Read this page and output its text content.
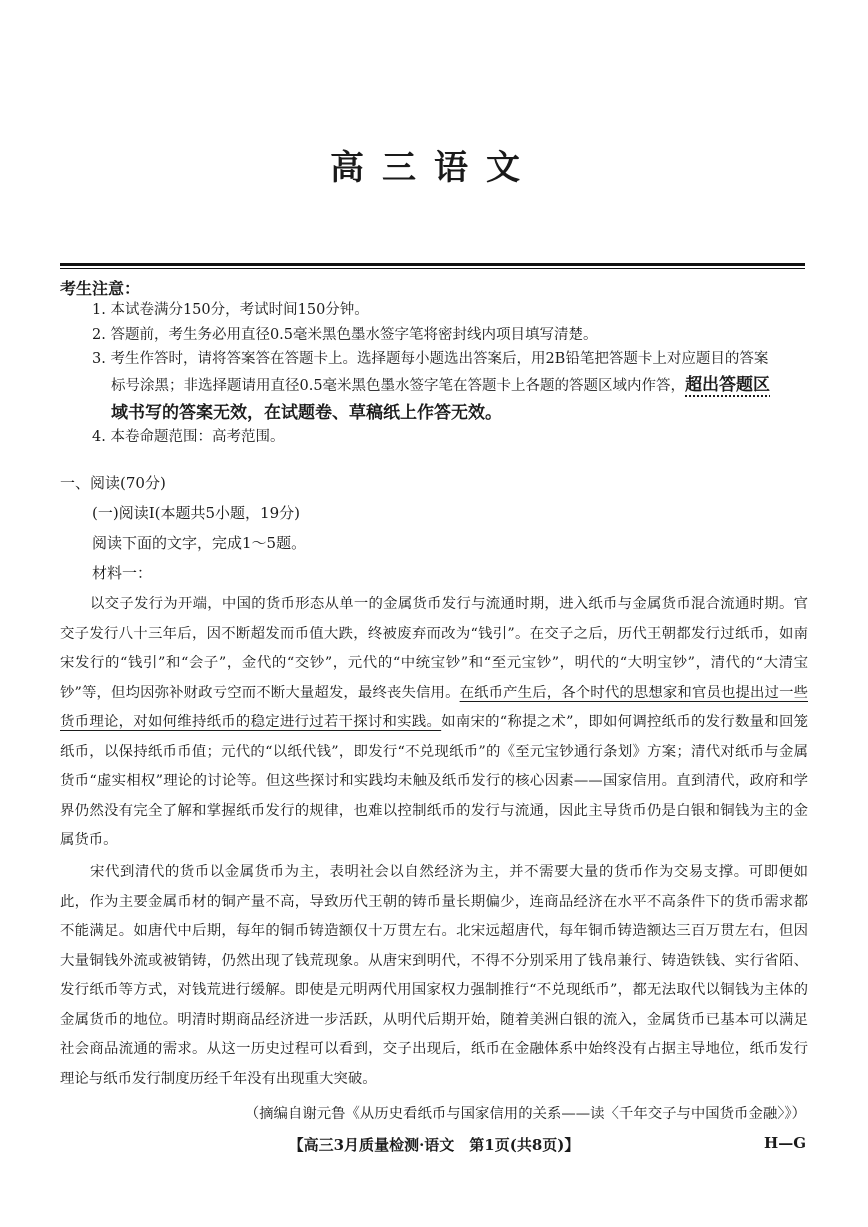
高三语文
考生注意：
1. 本试卷满分150分，考试时间150分钟。
2. 答题前，考生务必用直径0.5毫米黑色墨水签字笔将密封线内项目填写清楚。
3. 考生作答时，请将答案答在答题卡上。选择题每小题选出答案后，用2B铅笔把答题卡上对应题目的答案
标号涂黑；非选择题请用直径0.5毫米黑色墨水签字笔在答题卡上各题的答题区域内作答，超出答题区
域书写的答案无效，在试题卷、草稿纸上作答无效。
4. 本卷命题范围：高考范围。
一、阅读(70分)
(一)阅读Ⅰ(本题共5小题，19分)
阅读下面的文字，完成1～5题。
材料一：
以交子发行为开端，中国的货币形态从单一的金属货币发行与流通时期，进入纸币与金属货币混合流通时期。官交子发行八十三年后，因不断超发而币值大跌，终被废弃而改为“钱引”。在交子之后，历代王朝都发行过纸币，如南宋发行的“钱引”和“会子”，金代的“交钞”，元代的“中统宝钞”和“至元宝钞”，明代的“大明宝钞”，清代的“大清宝钞”等，但均因弥补财政亏空而不断大量超发，最终丧失信用。在纸币产生后，各个时代的思想家和官员也提出过一些货币理论，对如何维持纸币的稳定进行过若干探讨和实践。如南宋的“称提之术”，即如何调控纸币的发行数量和回笼纸币，以保持纸币币值；元代的“以纸代钱”，即发行“不兑现纸币”的《至元宝钞通行条划》方案；清代对纸币与金属货币“虚实相权”理论的讨论等。但这些探讨和实践均未触及纸币发行的核心因素——国家信用。直到清代，政府和学界仍然没有完全了解和掌握纸币发行的规律，也难以控制纸币的发行与流通，因此主导货币仍是白银和铜钱为主的金属货币。
宋代到清代的货币以金属货币为主，表明社会以自然经济为主，并不需要大量的货币作为交易支撑。可即便如此，作为主要金属币材的铜产量不高，导致历代王朝的铸币量长期偏少，连商品经济在水平不高条件下的货币需求都不能满足。如唐代中后期，每年的铜币铸造额仅十万贯左右。北宋远超唐代，每年铜币铸造额达三百万贯左右，但因大量铜钱外流或被销铸，仍然出现了钱荒现象。从唐宋到明代，不得不分别采用了钱帛兼行、铸造铁钱、实行省陌、发行纸币等方式，对钱荒进行缓解。即使是元明两代用国家权力强制推行“不兑现纸币”，都无法取代以铜钱为主体的金属货币的地位。明清时期商品经济进一步活跃，从明代后期开始，随着美洲白银的流入，金属货币已基本可以满足社会商品流通的需求。从这一历史过程可以看到，交子出现后，纸币在金融体系中始终没有占据主导地位，纸币发行理论与纸币发行制度历经千年没有出现重大突破。
（摘编自谢元鲁《从历史看纸币与国家信用的关系——读〈千年交子与中国货币金融〉》）
【高三3月质量检测·语文　第1页(共8页)】	H—G
